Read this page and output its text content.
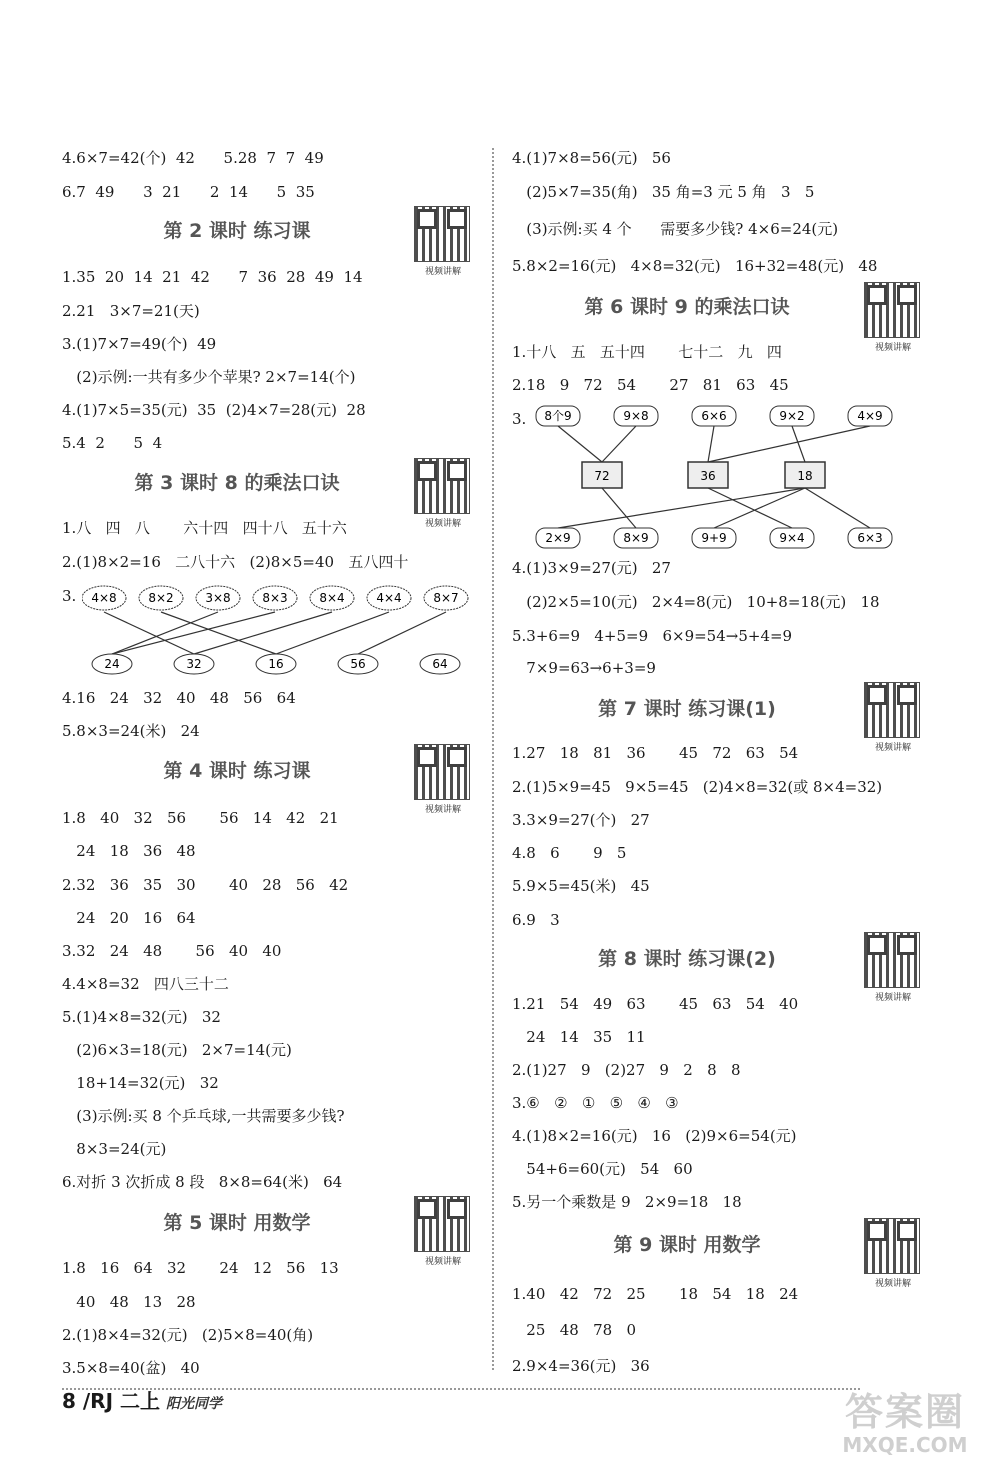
4.6×7=42(个)  42      5.28  7  7  49
6.7  49      3  21      2  14      5  35
第 2 课时 练习课
视频讲解
1.35  20  14  21  42      7  36  28  49  14
2.21   3×7=21(天)
3.(1)7×7=49(个)  49
(2)示例:一共有多少个苹果? 2×7=14(个)
4.(1)7×5=35(元)  35  (2)4×7=28(元)  28
5.4  2      5  4
第 3 课时 8 的乘法口诀
视频讲解
1.八   四   八       六十四   四十八   五十六
2.(1)8×2=16   二八十六   (2)8×5=40   五八四十
3. 4×8	8×2	3×8	8×3	8×4	4×4	8×7
24	32	16	56	64
4.16   24   32   40   48   56   64
5.8×3=24(米)   24
第 4 课时 练习课
视频讲解
1.8   40   32   56       56   14   42   21
24   18   36   48
2.32   36   35   30       40   28   56   42
24   20   16   64
3.32   24   48       56   40   40
4.4×8=32   四八三十二
5.(1)4×8=32(元)   32
(2)6×3=18(元)   2×7=14(元)
18+14=32(元)   32
(3)示例:买 8 个乒乓球,一共需要多少钱?
8×3=24(元)
6.对折 3 次折成 8 段   8×8=64(米)   64
第 5 课时 用数学
视频讲解
1.8   16   64   32       24   12   56   13
40   48   13   28
2.(1)8×4=32(元)   (2)5×8=40(角)
3.5×8=40(盆)   40
4.(1)7×8=56(元)   56
(2)5×7=35(角)   35 角=3 元 5 角   3   5
(3)示例:买 4 个      需要多少钱? 4×6=24(元)
5.8×2=16(元)   4×8=32(元)   16+32=48(元)   48
第 6 课时 9 的乘法口诀
视频讲解
1.十八   五   五十四       七十二   九   四
2.18   9   72   54       27   81   63   45
3. 8个9	9×8	6×6	9×2	4×9
72	36	18
2×9	8×9	9+9	9×4	6×3
4.(1)3×9=27(元)   27
(2)2×5=10(元)   2×4=8(元)   10+8=18(元)   18
5.3+6=9   4+5=9   6×9=54→5+4=9
7×9=63→6+3=9
第 7 课时 练习课(1)
视频讲解
1.27   18   81   36       45   72   63   54
2.(1)5×9=45   9×5=45   (2)4×8=32(或 8×4=32)
3.3×9=27(个)   27
4.8   6       9   5
5.9×5=45(米)   45
6.9   3
第 8 课时 练习课(2)
视频讲解
1.21   54   49   63       45   63   54   40
24   14   35   11
2.(1)27   9   (2)27   9   2   8   8
3.⑥   ②   ①   ⑤   ④   ③
4.(1)8×2=16(元)   16   (2)9×6=54(元)
54+6=60(元)   54   60
5.另一个乘数是 9   2×9=18   18
第 9 课时 用数学
视频讲解
1.40   42   72   25       18   54   18   24
25   48   78   0
2.9×4=36(元)   36
8 /RJ 二上 阳光同学	答案圈
MXQE.COM
